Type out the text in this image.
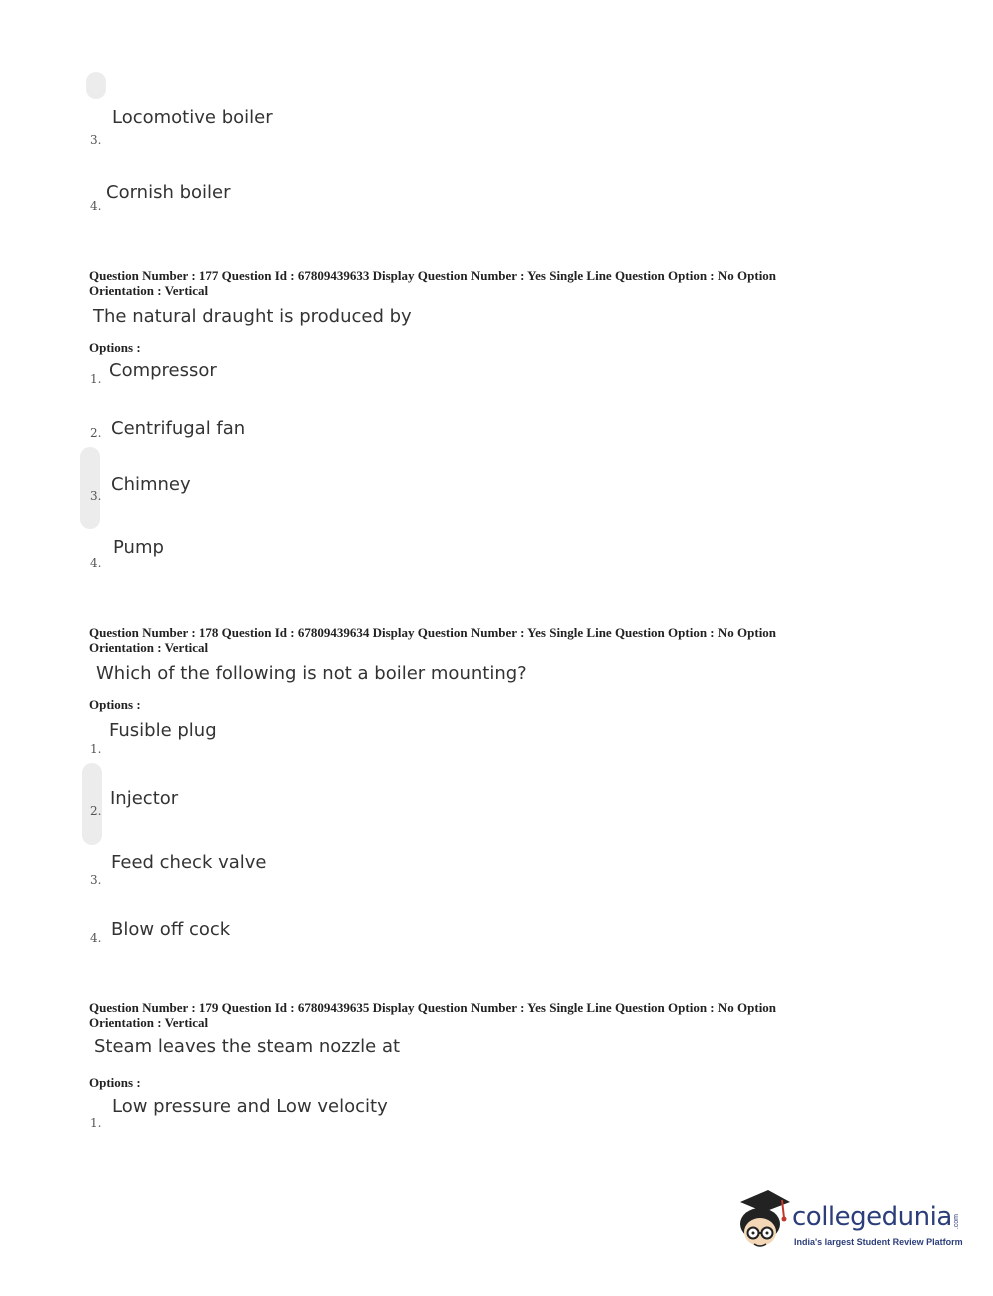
Locomotive boiler
3.
Cornish boiler
4.
Question Number : 177 Question Id : 67809439633 Display Question Number : Yes Single Line Question Option : No Option
Orientation : Vertical
The natural draught is produced by
Options :
Compressor
1.
Centrifugal fan
2.
Chimney
3.
Pump
4.
Question Number : 178 Question Id : 67809439634 Display Question Number : Yes Single Line Question Option : No Option
Orientation : Vertical
Which of the following is not a boiler mounting?
Options :
Fusible plug
1.
Injector
2.
Feed check valve
3.
Blow off cock
4.
Question Number : 179 Question Id : 67809439635 Display Question Number : Yes Single Line Question Option : No Option
Orientation : Vertical
Steam leaves the steam nozzle at
Options :
Low pressure and Low velocity
1.
collegedunia .com
India's largest Student Review Platform
